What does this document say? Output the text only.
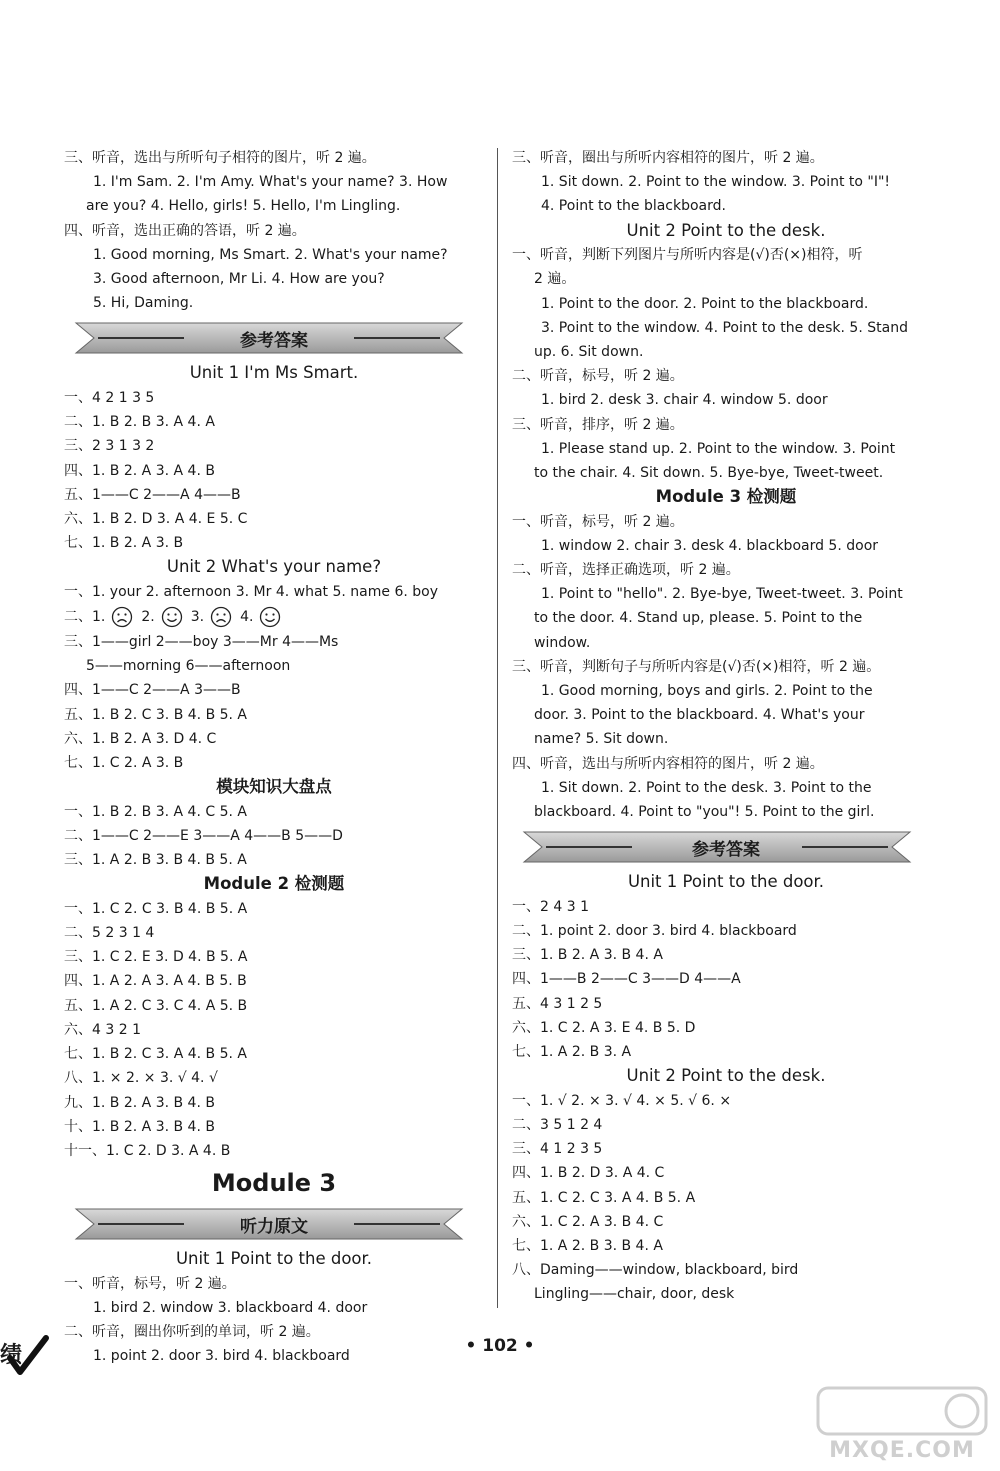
三、听音，选出与所听句子相符的图片，听 2 遍。
1. I'm Sam. 2. I'm Amy. What's your name? 3. How
are you? 4. Hello, girls! 5. Hello, I'm Lingling.
四、听音，选出正确的答语，听 2 遍。
1. Good morning, Ms Smart. 2. What's your name?
3. Good afternoon, Mr Li. 4. How are you?
5. Hi, Daming.
参考答案
Unit 1 I'm Ms Smart.
一、4 2 1 3 5
二、1. B 2. B 3. A 4. A
三、2 3 1 3 2
四、1. B 2. A 3. A 4. B
五、1——C 2——A 4——B
六、1. B 2. D 3. A 4. E 5. C
七、1. B 2. A 3. B
Unit 2 What's your name?
一、1. your 2. afternoon 3. Mr 4. what 5. name 6. boy
二、1.	2.	3.	4.
三、1——girl 2——boy 3——Mr 4——Ms
5——morning 6——afternoon
四、1——C 2——A 3——B
五、1. B 2. C 3. B 4. B 5. A
六、1. B 2. A 3. D 4. C
七、1. C 2. A 3. B
模块知识大盘点
一、1. B 2. B 3. A 4. C 5. A
二、1——C 2——E 3——A 4——B 5——D
三、1. A 2. B 3. B 4. B 5. A
Module 2 检测题
一、1. C 2. C 3. B 4. B 5. A
二、5 2 3 1 4
三、1. C 2. E 3. D 4. B 5. A
四、1. A 2. A 3. A 4. B 5. B
五、1. A 2. C 3. C 4. A 5. B
六、4 3 2 1
七、1. B 2. C 3. A 4. B 5. A
八、1. × 2. × 3. √ 4. √
九、1. B 2. A 3. B 4. B
十、1. B 2. A 3. B 4. B
十一、1. C 2. D 3. A 4. B
Module 3
听力原文
Unit 1 Point to the door.
一、听音，标号，听 2 遍。
1. bird 2. window 3. blackboard 4. door
二、听音，圈出你听到的单词，听 2 遍。
1. point 2. door 3. bird 4. blackboard
三、听音，圈出与所听内容相符的图片，听 2 遍。
1. Sit down. 2. Point to the window. 3. Point to "I"!
4. Point to the blackboard.
Unit 2 Point to the desk.
一、听音，判断下列图片与所听内容是(√)否(×)相符，听
2 遍。
1. Point to the door. 2. Point to the blackboard.
3. Point to the window. 4. Point to the desk. 5. Stand
up. 6. Sit down.
二、听音，标号，听 2 遍。
1. bird 2. desk 3. chair 4. window 5. door
三、听音，排序，听 2 遍。
1. Please stand up. 2. Point to the window. 3. Point
to the chair. 4. Sit down. 5. Bye-bye, Tweet-tweet.
Module 3 检测题
一、听音，标号，听 2 遍。
1. window 2. chair 3. desk 4. blackboard 5. door
二、听音，选择正确选项，听 2 遍。
1. Point to "hello". 2. Bye-bye, Tweet-tweet. 3. Point
to the door. 4. Stand up, please. 5. Point to the
window.
三、听音，判断句子与所听内容是(√)否(×)相符，听 2 遍。
1. Good morning, boys and girls. 2. Point to the
door. 3. Point to the blackboard. 4. What's your
name? 5. Sit down.
四、听音，选出与所听内容相符的图片，听 2 遍。
1. Sit down. 2. Point to the desk. 3. Point to the
blackboard. 4. Point to "you"! 5. Point to the girl.
参考答案
Unit 1 Point to the door.
一、2 4 3 1
二、1. point 2. door 3. bird 4. blackboard
三、1. B 2. A 3. B 4. A
四、1——B 2——C 3——D 4——A
五、4 3 1 2 5
六、1. C 2. A 3. E 4. B 5. D
七、1. A 2. B 3. A
Unit 2 Point to the desk.
一、1. √ 2. × 3. √ 4. × 5. √ 6. ×
二、3 5 1 2 4
三、4 1 2 3 5
四、1. B 2. D 3. A 4. C
五、1. C 2. C 3. A 4. B 5. A
六、1. C 2. A 3. B 4. C
七、1. A 2. B 3. B 4. A
八、Daming——window, blackboard, bird
Lingling——chair, door, desk
绩	• 102 •
MXQE.COM
